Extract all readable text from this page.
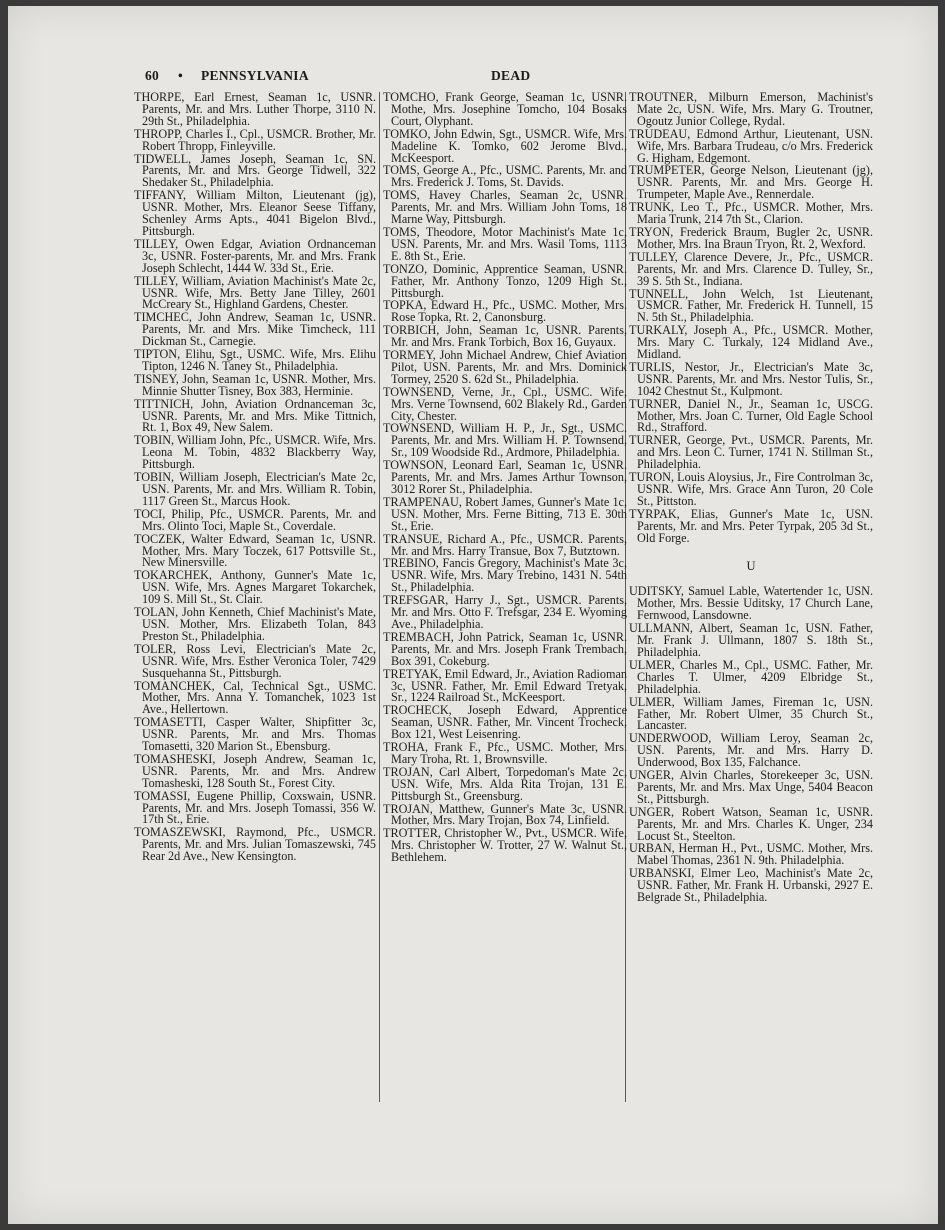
60 • PENNSYLVANIA	DEAD

THORPE, Earl Ernest, Seaman 1c, USNR. Parents, Mr. and Mrs. Luther Thorpe, 3110 N. 29th St., Philadelphia.

THROPP, Charles I., Cpl., USMCR. Brother, Mr. Robert Thropp, Finleyville.

TIDWELL, James Joseph, Seaman 1c, SN. Parents, Mr. and Mrs. George Tidwell, 322 Shedaker St., Philadelphia.

TIFFANY, William Milton, Lieutenant (jg), USNR. Mother, Mrs. Eleanor Seese Tiffany, Schenley Arms Apts., 4041 Bigelon Blvd., Pittsburgh.

TILLEY, Owen Edgar, Aviation Ordnanceman 3c, USNR. Foster-parents, Mr. and Mrs. Frank Joseph Schlecht, 1444 W. 33d St., Erie.

TILLEY, William, Aviation Machinist's Mate 2c, USNR. Wife, Mrs. Betty Jane Tilley, 2601 McCreary St., Highland Gardens, Chester.

TIMCHEC, John Andrew, Seaman 1c, USNR. Parents, Mr. and Mrs. Mike Timcheck, 111 Dickman St., Carnegie.

TIPTON, Elihu, Sgt., USMC. Wife, Mrs. Elihu Tipton, 1246 N. Taney St., Philadelphia.

TISNEY, John, Seaman 1c, USNR. Mother, Mrs. Minnie Shutter Tisney, Box 383, Herminie.

TITTNICH, John, Aviation Ordnanceman 3c, USNR. Parents, Mr. and Mrs. Mike Tittnich, Rt. 1, Box 49, New Salem.

TOBIN, William John, Pfc., USMCR. Wife, Mrs. Leona M. Tobin, 4832 Blackberry Way, Pittsburgh.

TOBIN, William Joseph, Electrician's Mate 2c, USN. Parents, Mr. and Mrs. William R. Tobin, 1117 Green St., Marcus Hook.

TOCI, Philip, Pfc., USMCR. Parents, Mr. and Mrs. Olinto Toci, Maple St., Coverdale.

TOCZEK, Walter Edward, Seaman 1c, USNR. Mother, Mrs. Mary Toczek, 617 Pottsville St., New Minersville.

TOKARCHEK, Anthony, Gunner's Mate 1c, USN. Wife, Mrs. Agnes Margaret Tokarchek, 109 S. Mill St., St. Clair.

TOLAN, John Kenneth, Chief Machinist's Mate, USN. Mother, Mrs. Elizabeth Tolan, 843 Preston St., Philadelphia.

TOLER, Ross Levi, Electrician's Mate 2c, USNR. Wife, Mrs. Esther Veronica Toler, 7429 Susquehanna St., Pittsburgh.

TOMANCHEK, Cal, Technical Sgt., USMC. Mother, Mrs. Anna Y. Tomanchek, 1023 1st Ave., Hellertown.

TOMASETTI, Casper Walter, Shipfitter 3c, USNR. Parents, Mr. and Mrs. Thomas Tomasetti, 320 Marion St., Ebensburg.

TOMASHESKI, Joseph Andrew, Seaman 1c, USNR. Parents, Mr. and Mrs. Andrew Tomasheski, 128 South St., Forest City.

TOMASSI, Eugene Phillip, Coxswain, USNR. Parents, Mr. and Mrs. Joseph Tomassi, 356 W. 17th St., Erie.

TOMASZEWSKI, Raymond, Pfc., USMCR. Parents, Mr. and Mrs. Julian Tomaszewski, 745 Rear 2d Ave., New Kensington.

TOMCHO, Frank George, Seaman 1c, USNR. Mothe, Mrs. Josephine Tomcho, 104 Bosaks Court, Olyphant.

TOMKO, John Edwin, Sgt., USMCR. Wife, Mrs. Madeline K. Tomko, 602 Jerome Blvd., McKeesport.

TOMS, George A., Pfc., USMC. Parents, Mr. and Mrs. Frederick J. Toms, St. Davids.

TOMS, Havey Charles, Seaman 2c, USNR. Parents, Mr. and Mrs. William John Toms, 18 Marne Way, Pittsburgh.

TOMS, Theodore, Motor Machinist's Mate 1c, USN. Parents, Mr. and Mrs. Wasil Toms, 1113 E. 8th St., Erie.

TONZO, Dominic, Apprentice Seaman, USNR. Father, Mr. Anthony Tonzo, 1209 High St., Pittsburgh.

TOPKA, Edward H., Pfc., USMC. Mother, Mrs. Rose Topka, Rt. 2, Canonsburg.

TORBICH, John, Seaman 1c, USNR. Parents, Mr. and Mrs. Frank Torbich, Box 16, Guyaux.

TORMEY, John Michael Andrew, Chief Aviation Pilot, USN. Parents, Mr. and Mrs. Dominick Tormey, 2520 S. 62d St., Philadelphia.

TOWNSEND, Verne, Jr., Cpl., USMC. Wife, Mrs. Verne Townsend, 602 Blakely Rd., Garden City, Chester.

TOWNSEND, William H. P., Jr., Sgt., USMC. Parents, Mr. and Mrs. William H. P. Townsend, Sr., 109 Woodside Rd., Ardmore, Philadelphia.

TOWNSON, Leonard Earl, Seaman 1c, USNR. Parents, Mr. and Mrs. James Arthur Townson, 3012 Rorer St., Philadelphia.

TRAMPENAU, Robert James, Gunner's Mate 1c, USN. Mother, Mrs. Ferne Bitting, 713 E. 30th St., Erie.

TRANSUE, Richard A., Pfc., USMCR. Parents, Mr. and Mrs. Harry Transue, Box 7, Butztown.

TREBINO, Fancis Gregory, Machinist's Mate 3c, USNR. Wife, Mrs. Mary Trebino, 1431 N. 54th St., Philadelphia.

TREFSGAR, Harry J., Sgt., USMCR. Parents, Mr. and Mrs. Otto F. Trefsgar, 234 E. Wyoming Ave., Philadelphia.

TREMBACH, John Patrick, Seaman 1c, USNR. Parents, Mr. and Mrs. Joseph Frank Trembach, Box 391, Cokeburg.

TRETYAK, Emil Edward, Jr., Aviation Radioman 3c, USNR. Father, Mr. Emil Edward Tretyak, Sr., 1224 Railroad St., McKeesport.

TROCHECK, Joseph Edward, Apprentice Seaman, USNR. Father, Mr. Vincent Trocheck, Box 121, West Leisenring.

TROHA, Frank F., Pfc., USMC. Mother, Mrs. Mary Troha, Rt. 1, Brownsville.

TROJAN, Carl Albert, Torpedoman's Mate 2c, USN. Wife, Mrs. Alda Rita Trojan, 131 E. Pittsburgh St., Greensburg.

TROJAN, Matthew, Gunner's Mate 3c, USNR. Mother, Mrs. Mary Trojan, Box 74, Linfield.

TROTTER, Christopher W., Pvt., USMCR. Wife, Mrs. Christopher W. Trotter, 27 W. Walnut St., Bethlehem.

TROUTNER, Milburn Emerson, Machinist's Mate 2c, USN. Wife, Mrs. Mary G. Troutner, Ogoutz Junior College, Rydal.

TRUDEAU, Edmond Arthur, Lieutenant, USN. Wife, Mrs. Barbara Trudeau, c/o Mrs. Frederick G. Higham, Edgemont.

TRUMPETER, George Nelson, Lieutenant (jg), USNR. Parents, Mr. and Mrs. George H. Trumpeter, Maple Ave., Rennerdale.

TRUNK, Leo T., Pfc., USMCR. Mother, Mrs. Maria Trunk, 214 7th St., Clarion.

TRYON, Frederick Braum, Bugler 2c, USNR. Mother, Mrs. Ina Braun Tryon, Rt. 2, Wexford.

TULLEY, Clarence Devere, Jr., Pfc., USMCR. Parents, Mr. and Mrs. Clarence D. Tulley, Sr., 39 S. 5th St., Indiana.

TUNNELL, John Welch, 1st Lieutenant, USMCR. Father, Mr. Frederick H. Tunnell, 15 N. 5th St., Philadelphia.

TURKALY, Joseph A., Pfc., USMCR. Mother, Mrs. Mary C. Turkaly, 124 Midland Ave., Midland.

TURLIS, Nestor, Jr., Electrician's Mate 3c, USNR. Parents, Mr. and Mrs. Nestor Tulis, Sr., 1042 Chestnut St., Kulpmont.

TURNER, Daniel N., Jr., Seaman 1c, USCG. Mother, Mrs. Joan C. Turner, Old Eagle School Rd., Strafford.

TURNER, George, Pvt., USMCR. Parents, Mr. and Mrs. Leon C. Turner, 1741 N. Stillman St., Philadelphia.

TURON, Louis Aloysius, Jr., Fire Controlman 3c, USNR. Wife, Mrs. Grace Ann Turon, 20 Cole St., Pittston.

TYRPAK, Elias, Gunner's Mate 1c, USN. Parents, Mr. and Mrs. Peter Tyrpak, 205 3d St., Old Forge.

U

UDITSKY, Samuel Lable, Watertender 1c, USN. Mother, Mrs. Bessie Uditsky, 17 Church Lane, Fernwood, Lansdowne.

ULLMANN, Albert, Seaman 1c, USN. Father, Mr. Frank J. Ullmann, 1807 S. 18th St., Philadelphia.

ULMER, Charles M., Cpl., USMC. Father, Mr. Charles T. Ulmer, 4209 Elbridge St., Philadelphia.

ULMER, William James, Fireman 1c, USN. Father, Mr. Robert Ulmer, 35 Church St., Lancaster.

UNDERWOOD, William Leroy, Seaman 2c, USN. Parents, Mr. and Mrs. Harry D. Underwood, Box 135, Falchance.

UNGER, Alvin Charles, Storekeeper 3c, USN. Parents, Mr. and Mrs. Max Unge, 5404 Beacon St., Pittsburgh.

UNGER, Robert Watson, Seaman 1c, USNR. Parents, Mr. and Mrs. Charles K. Unger, 234 Locust St., Steelton.

URBAN, Herman H., Pvt., USMC. Mother, Mrs. Mabel Thomas, 2361 N. 9th. Philadelphia.

URBANSKI, Elmer Leo, Machinist's Mate 2c, USNR. Father, Mr. Frank H. Urbanski, 2927 E. Belgrade St., Philadelphia.
